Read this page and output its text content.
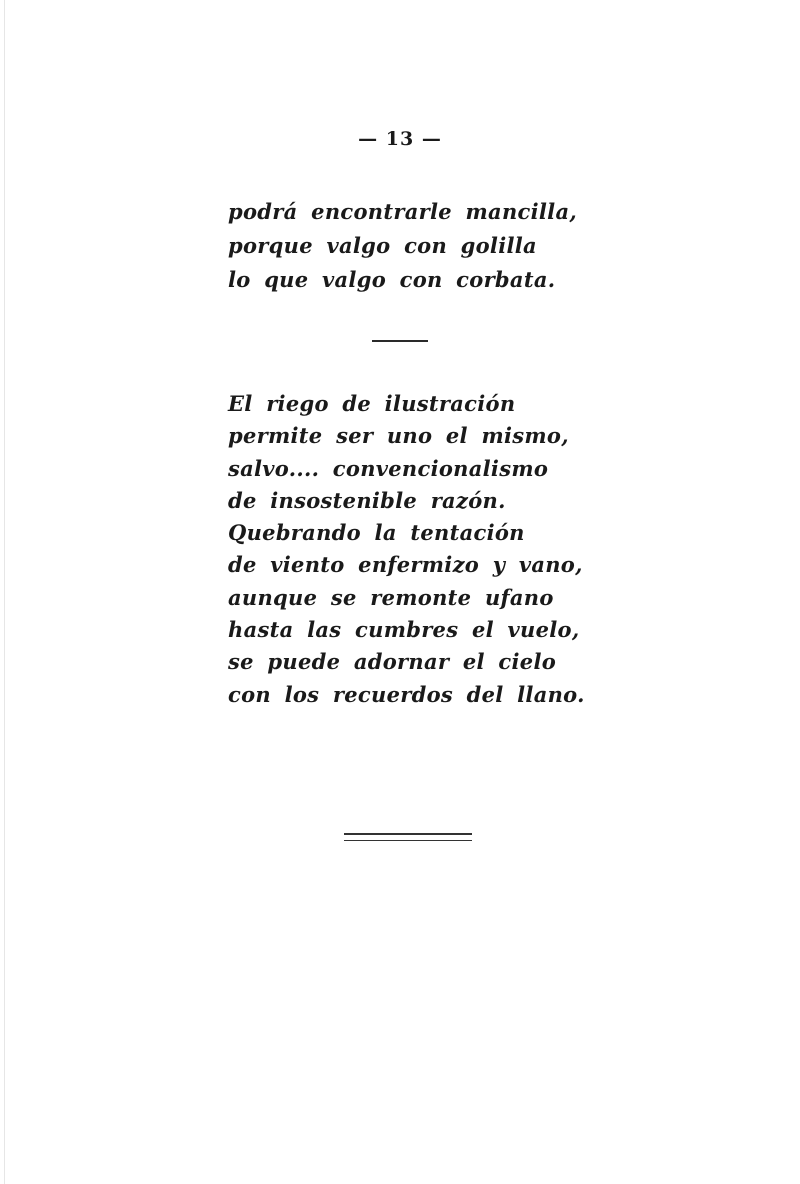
— 13 —
podrá encontrarle mancilla,
porque valgo con golilla
lo que valgo con corbata.
El riego de ilustración
permite ser uno el mismo,
salvo.... convencionalismo
de insostenible razón.
Quebrando la tentación
de viento enfermizo y vano,
aunque se remonte ufano
hasta las cumbres el vuelo,
se puede adornar el cielo
con los recuerdos del llano.
